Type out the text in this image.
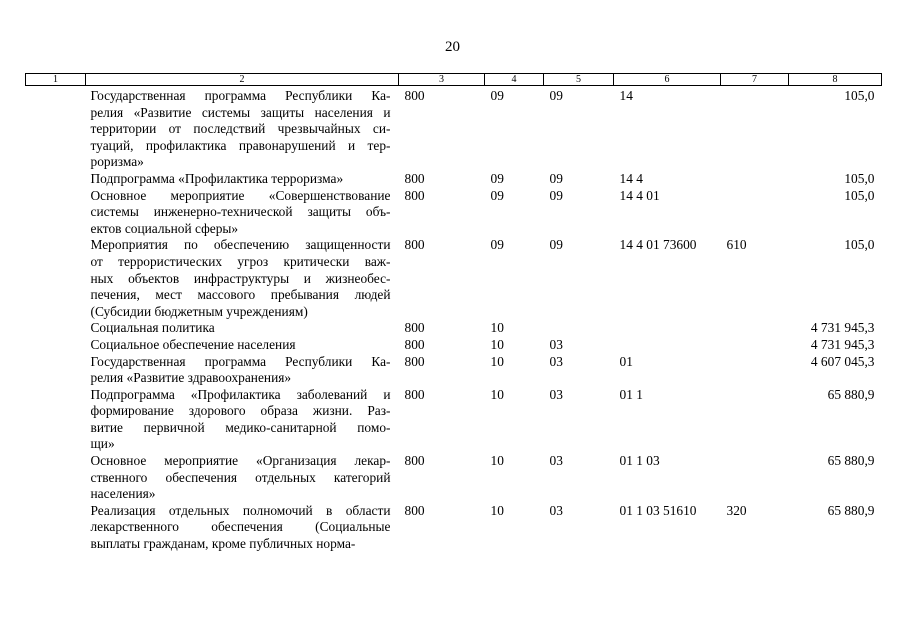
20
1	2	3	4	5	6	7	8

	Государственная программа Республики Ка-
релия «Развитие системы защиты населения и
территории от последствий чрезвычайных си-
туаций, профилактика правонарушений и тер-
роризма»	800	09	09	14		105,0

	Подпрограмма «Профилактика терроризма»	800	09	09	14 4		105,0

	Основное мероприятие «Совершенствование
системы инженерно-технической защиты объ-
ектов социальной сферы»	800	09	09	14 4 01		105,0

	Мероприятия по обеспечению защищенности
от террористических угроз критически важ-
ных объектов инфраструктуры и жизнеобес-
печения, мест массового пребывания людей
(Субсидии бюджетным учреждениям)	800	09	09	14 4 01 73600	610	105,0

	Социальная политика	800	10				4 731 945,3

	Социальное обеспечение населения	800	10	03			4 731 945,3

	Государственная программа Республики Ка-
релия «Развитие здравоохранения»	800	10	03	01		4 607 045,3

	Подпрограмма «Профилактика заболеваний и
формирование здорового образа жизни. Раз-
витие первичной медико-санитарной помо-
щи»	800	10	03	01 1		65 880,9

	Основное мероприятие «Организация лекар-
ственного обеспечения отдельных категорий
населения»	800	10	03	01 1 03		65 880,9

	Реализация отдельных полномочий в области
лекарственного обеспечения (Социальные
выплаты гражданам, кроме публичных норма-	800	10	03	01 1 03 51610	320	65 880,9
